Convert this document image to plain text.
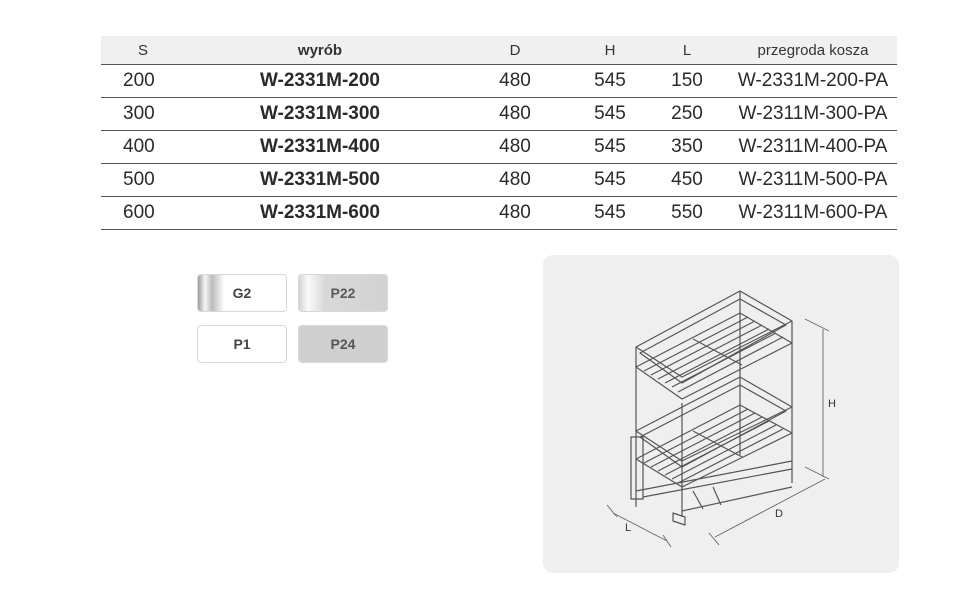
S	wyrób	D	H	L	przegroda kosza
200	W-2331M-200	480	545	150	W-2331M-200-PA
300	W-2331M-300	480	545	250	W-2311M-300-PA
400	W-2331M-400	480	545	350	W-2311M-400-PA
500	W-2331M-500	480	545	450	W-2311M-500-PA
600	W-2331M-600	480	545	550	W-2311M-600-PA
G2	P22
P1	P24
H
D
L
